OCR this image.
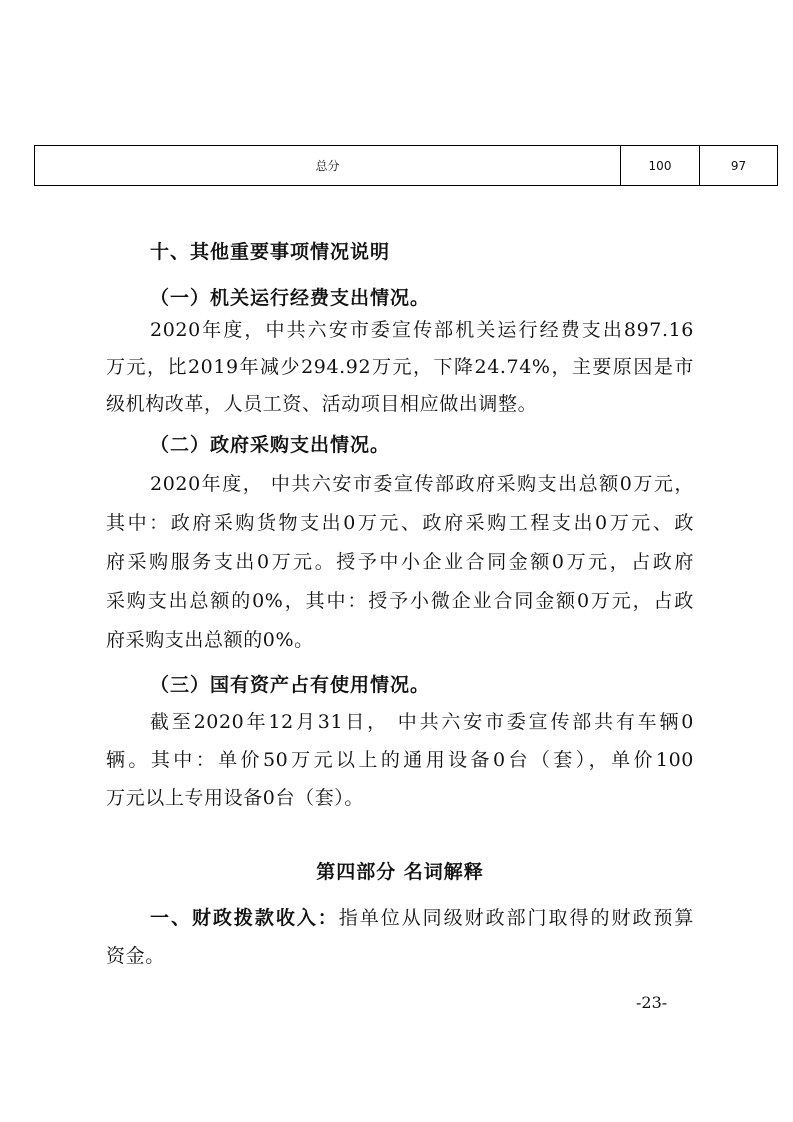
总分	100	97
十、其他重要事项情况说明
（一）机关运行经费支出情况。
2020年度，中共六安市委宣传部机关运行经费支出897.16
万元，比2019年减少294.92万元，下降24.74%，主要原因是市
级机构改革，人员工资、活动项目相应做出调整。
（二）政府采购支出情况。
2020年度， 中共六安市委宣传部政府采购支出总额0万元，
其中：政府采购货物支出0万元、政府采购工程支出0万元、政
府采购服务支出0万元。授予中小企业合同金额0万元，占政府
采购支出总额的0%，其中：授予小微企业合同金额0万元，占政
府采购支出总额的0%。
（三）国有资产占有使用情况。
截至2020年12月31日， 中共六安市委宣传部共有车辆0
辆。其中：单价50万元以上的通用设备0台（套），单价100
万元以上专用设备0台（套）。
第四部分 名词解释
一、财政拨款收入：指单位从同级财政部门取得的财政预算
资金。
-23-
